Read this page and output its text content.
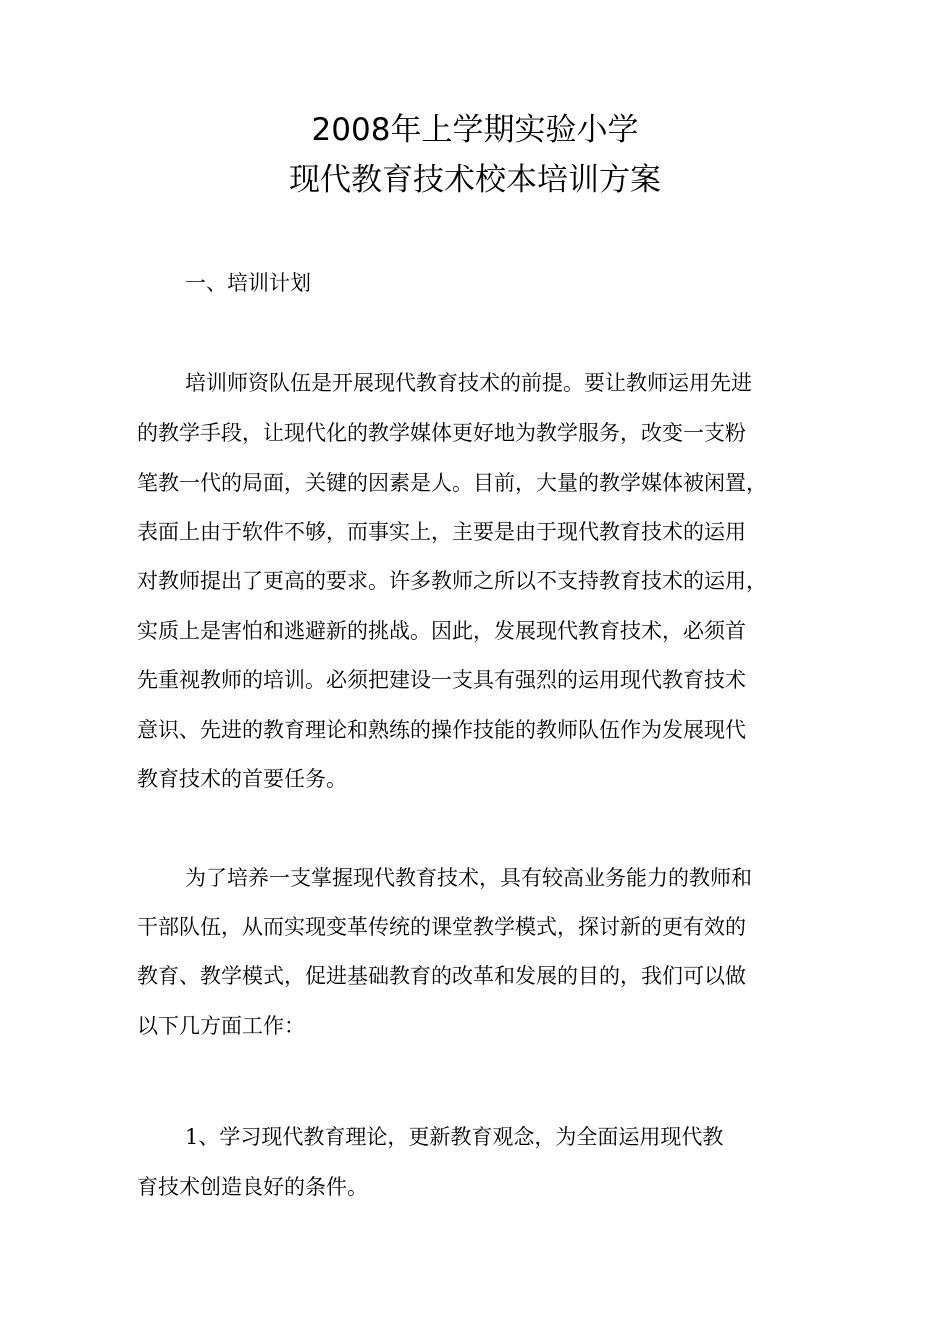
2008年上学期实验小学
现代教育技术校本培训方案
一、培训计划
培训师资队伍是开展现代教育技术的前提。要让教师运用先进
的教学手段，让现代化的教学媒体更好地为教学服务，改变一支粉
笔教一代的局面，关键的因素是人。目前，大量的教学媒体被闲置，
表面上由于软件不够，而事实上，主要是由于现代教育技术的运用
对教师提出了更高的要求。许多教师之所以不支持教育技术的运用，
实质上是害怕和逃避新的挑战。因此，发展现代教育技术，必须首
先重视教师的培训。必须把建设一支具有强烈的运用现代教育技术
意识、先进的教育理论和熟练的操作技能的教师队伍作为发展现代
教育技术的首要任务。
为了培养一支掌握现代教育技术，具有较高业务能力的教师和
干部队伍，从而实现变革传统的课堂教学模式，探讨新的更有效的
教育、教学模式，促进基础教育的改革和发展的目的，我们可以做
以下几方面工作：
1、学习现代教育理论，更新教育观念，为全面运用现代教
育技术创造良好的条件。
